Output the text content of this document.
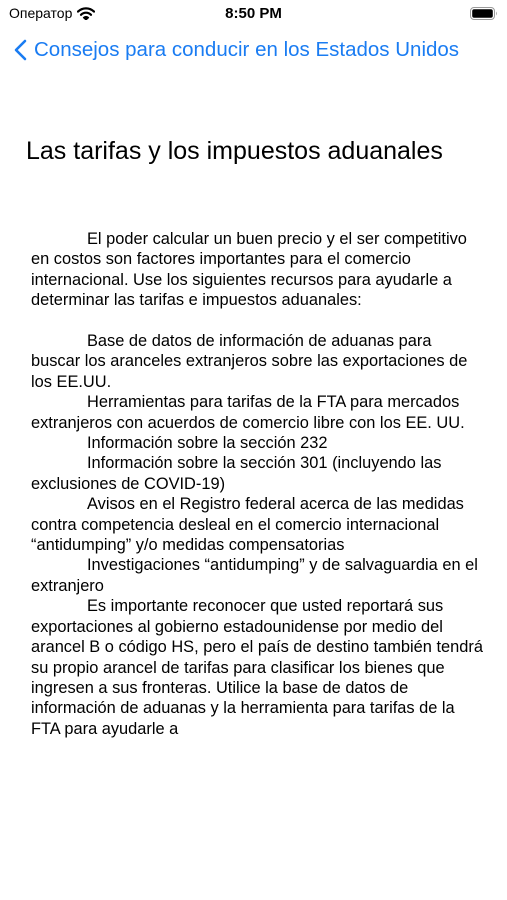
Оператор	8:50 PM
Consejos para conducir en los Estados Unidos
Las tarifas y los impuestos aduanales

El poder calcular un buen precio y el ser competitivo en costos son factores importantes para el comercio internacional. Use los siguientes recursos para ayudarle a determinar las tarifas e impuestos aduanales:

Base de datos de información de aduanas para buscar los aranceles extranjeros sobre las exportaciones de los EE.UU.

Herramientas para tarifas de la FTA para mercados extranjeros con acuerdos de comercio libre con los EE. UU.

Información sobre la sección 232

Información sobre la sección 301 (incluyendo las exclusiones de COVID-19)

Avisos en el Registro federal acerca de las medidas contra competencia desleal en el comercio internacional “antidumping” y/o medidas compensatorias

Investigaciones “antidumping” y de salvaguardia en el extranjero

Es importante reconocer que usted reportará sus exportaciones al gobierno estadounidense por medio del arancel B o código HS, pero el país de destino también tendrá su propio arancel de tarifas para clasificar los bienes que ingresen a sus fronteras. Utilice la base de datos de información de aduanas y la herramienta para tarifas de la FTA para ayudarle a
